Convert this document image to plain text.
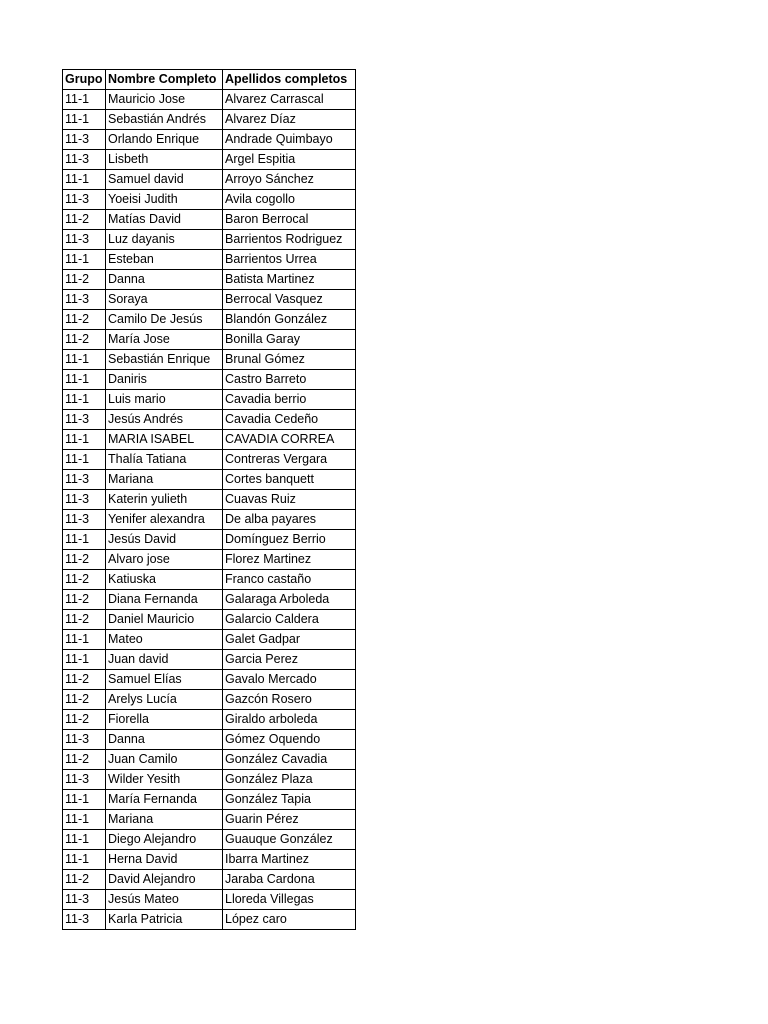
Grupo	Nombre Completo	Apellidos completos
11-1	Mauricio Jose	Alvarez Carrascal
11-1	Sebastián Andrés	Alvarez Díaz
11-3	Orlando Enrique	Andrade Quimbayo
11-3	Lisbeth	Argel Espitia
11-1	Samuel david	Arroyo Sánchez
11-3	Yoeisi Judith	Avila cogollo
11-2	Matías David	Baron Berrocal
11-3	Luz dayanis	Barrientos Rodriguez
11-1	Esteban	Barrientos Urrea
11-2	Danna	Batista Martinez
11-3	Soraya	Berrocal Vasquez
11-2	Camilo De Jesús	Blandón González
11-2	María Jose	Bonilla Garay
11-1	Sebastián Enrique	Brunal Gómez
11-1	Daniris	Castro Barreto
11-1	Luis mario	Cavadia berrio
11-3	Jesús Andrés	Cavadia Cedeño
11-1	MARIA ISABEL	CAVADIA CORREA
11-1	Thalía Tatiana	Contreras Vergara
11-3	Mariana	Cortes banquett
11-3	Katerin yulieth	Cuavas Ruiz
11-3	Yenifer alexandra	De alba payares
11-1	Jesús David	Domínguez Berrio
11-2	Alvaro jose	Florez Martinez
11-2	Katiuska	Franco castaño
11-2	Diana Fernanda	Galaraga Arboleda
11-2	Daniel Mauricio	Galarcio Caldera
11-1	Mateo	Galet Gadpar
11-1	Juan david	Garcia Perez
11-2	Samuel Elías	Gavalo Mercado
11-2	Arelys Lucía	Gazcón Rosero
11-2	Fiorella	Giraldo arboleda
11-3	Danna	Gómez Oquendo
11-2	Juan Camilo	González Cavadia
11-3	Wilder Yesith	González Plaza
11-1	María Fernanda	González Tapia
11-1	Mariana	Guarin Pérez
11-1	Diego Alejandro	Guauque González
11-1	Herna David	Ibarra Martinez
11-2	David Alejandro	Jaraba Cardona
11-3	Jesús Mateo	Lloreda Villegas
11-3	Karla Patricia	López caro
